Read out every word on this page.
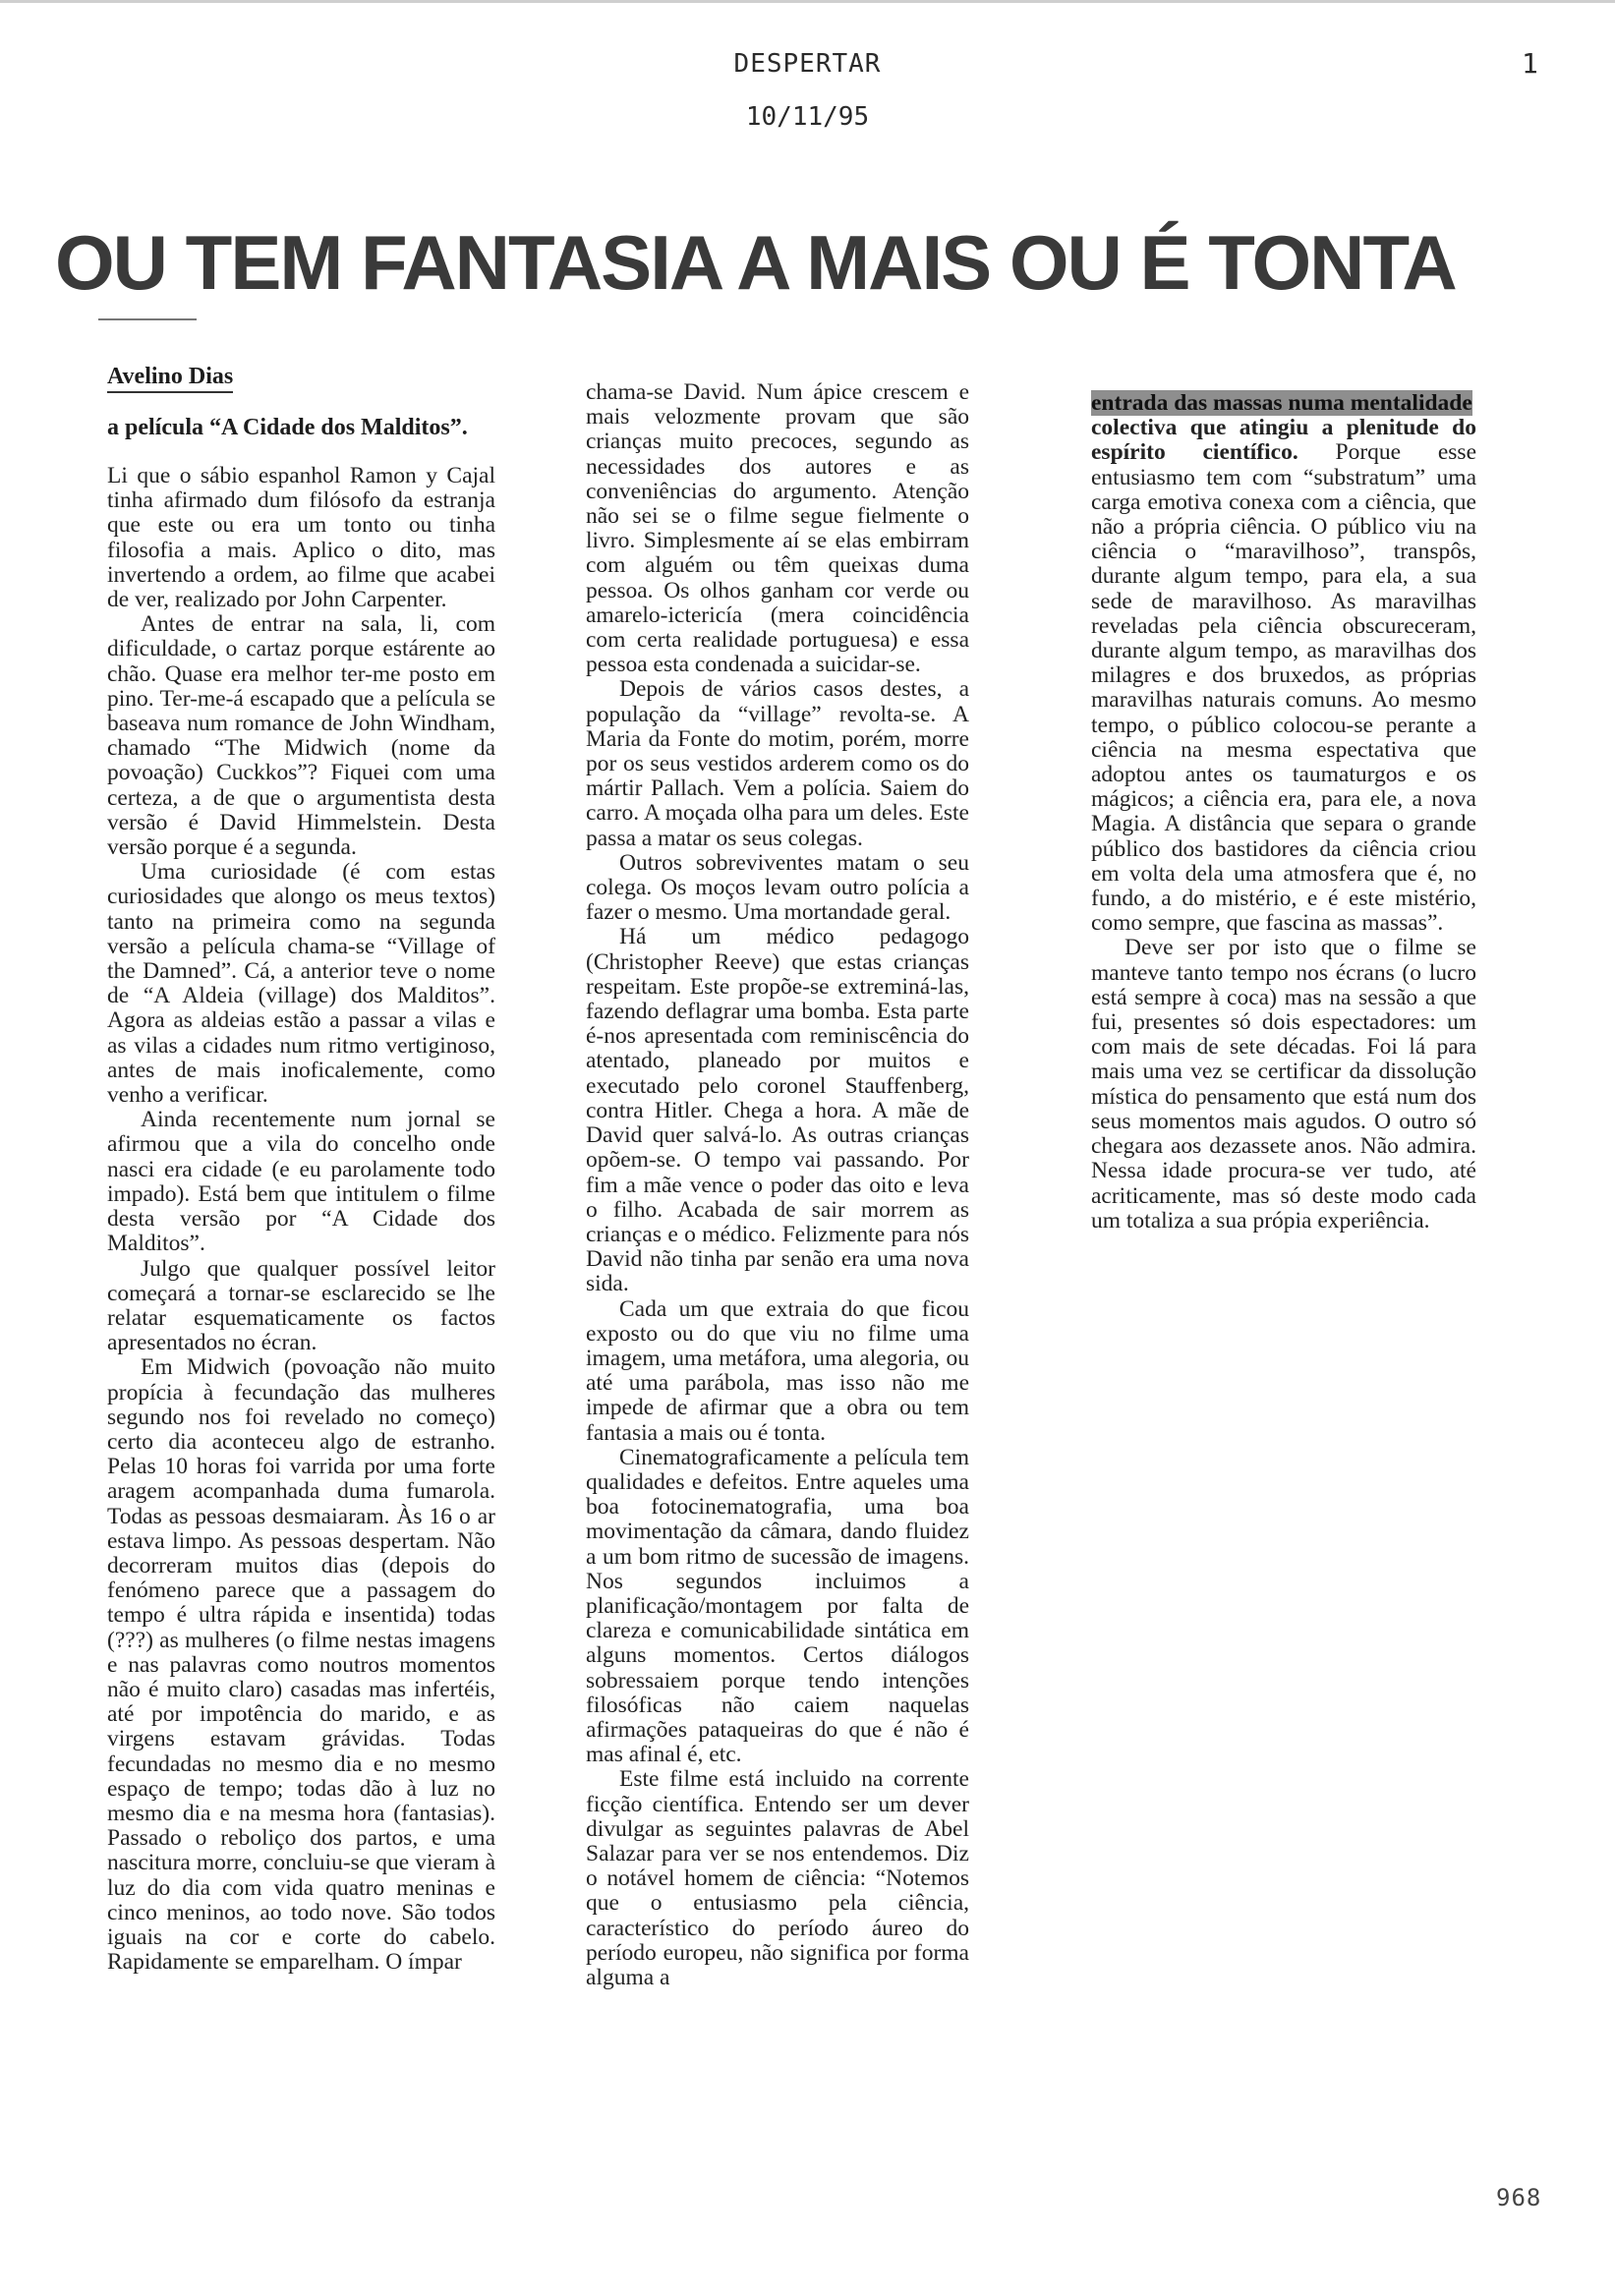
DESPERTAR
10/11/95
1
OU TEM FANTASIA A MAIS OU É TONTA
Avelino Dias
a película “A Cidade dos Malditos”.

Li que o sábio espanhol Ramon y Cajal tinha afirmado dum filósofo da estranja que este ou era um tonto ou tinha filosofia a mais. Aplico o dito, mas invertendo a ordem, ao filme que acabei de ver, realizado por John Carpenter.

Antes de entrar na sala, li, com dificuldade, o cartaz porque estárente ao chão. Quase era melhor ter-me posto em pino. Ter-me-á escapado que a película se baseava num romance de John Windham, chamado “The Midwich (nome da povoação) Cuckkos”? Fiquei com uma certeza, a de que o argumentista desta versão é David Himmelstein. Desta versão porque é a segunda.

Uma curiosidade (é com estas curiosidades que alongo os meus textos) tanto na primeira como na segunda versão a película chama-se “Village of the Damned”. Cá, a anterior teve o nome de “A Aldeia (village) dos Malditos”. Agora as aldeias estão a passar a vilas e as vilas a cidades num ritmo vertiginoso, antes de mais inoficalemente, como venho a verificar.

Ainda recentemente num jornal se afirmou que a vila do concelho onde nasci era cidade (e eu parolamente todo impado). Está bem que intitulem o filme desta versão por “A Cidade dos Malditos”.

Julgo que qualquer possível leitor começará a tornar-se esclarecido se lhe relatar esquematicamente os factos apresentados no écran.

Em Midwich (povoação não muito propícia à fecundação das mulheres segundo nos foi revelado no começo) certo dia aconteceu algo de estranho. Pelas 10 horas foi varrida por uma forte aragem acompanhada duma fumarola. Todas as pessoas desmaiaram. Às 16 o ar estava limpo. As pessoas despertam. Não decorreram muitos dias (depois do fenómeno parece que a passagem do tempo é ultra rápida e insentida) todas (???) as mulheres (o filme nestas imagens e nas palavras como noutros momentos não é muito claro) casadas mas infertéis, até por impotência do marido, e as virgens estavam grávidas. Todas fecundadas no mesmo dia e no mesmo espaço de tempo; todas dão à luz no mesmo dia e na mesma hora (fantasias). Passado o reboliço dos partos, e uma nascitura morre, concluiu-se que vieram à luz do dia com vida quatro meninas e cinco meninos, ao todo nove. São todos iguais na cor e corte do cabelo. Rapidamente se emparelham. O ímpar

chama-se David. Num ápice crescem e mais velozmente provam que são crianças muito precoces, segundo as necessidades dos autores e as conveniências do argumento. Atenção não sei se o filme segue fielmente o livro. Simplesmente aí se elas embirram com alguém ou têm queixas duma pessoa. Os olhos ganham cor verde ou amarelo-ictericía (mera coincidência com certa realidade portuguesa) e essa pessoa esta condenada a suicidar-se.

Depois de vários casos destes, a população da “village” revolta-se. A Maria da Fonte do motim, porém, morre por os seus vestidos arderem como os do mártir Pallach. Vem a polícia. Saiem do carro. A moçada olha para um deles. Este passa a matar os seus colegas.

Outros sobreviventes matam o seu colega. Os moços levam outro polícia a fazer o mesmo. Uma mortandade geral.

Há um médico pedagogo (Christopher Reeve) que estas crianças respeitam. Este propõe-se extreminá-las, fazendo deflagrar uma bomba. Esta parte é-nos apresentada com reminiscência do atentado, planeado por muitos e executado pelo coronel Stauffenberg, contra Hitler. Chega a hora. A mãe de David quer salvá-lo. As outras crianças opõem-se. O tempo vai passando. Por fim a mãe vence o poder das oito e leva o filho. Acabada de sair morrem as crianças e o médico. Felizmente para nós David não tinha par senão era uma nova sida.

Cada um que extraia do que ficou exposto ou do que viu no filme uma imagem, uma metáfora, uma alegoria, ou até uma parábola, mas isso não me impede de afirmar que a obra ou tem fantasia a mais ou é tonta.

Cinematograficamente a película tem qualidades e defeitos. Entre aqueles uma boa fotocinematografia, uma boa movimentação da câmara, dando fluidez a um bom ritmo de sucessão de imagens. Nos segundos incluimos a planificação/montagem por falta de clareza e comunicabilidade sintática em alguns momentos. Certos diálogos sobressaiem porque tendo intenções filosóficas não caiem naquelas afirmações pataqueiras do que é não é mas afinal é, etc.

Este filme está incluido na corrente ficção científica. Entendo ser um dever divulgar as seguintes palavras de Abel Salazar para ver se nos entendemos. Diz o notável homem de ciência: “Notemos que o entusiasmo pela ciência, característico do período áureo do período europeu, não significa por forma alguma a

entrada das massas numa mentalidade
colectiva que atingiu a plenitude do espírito científico. Porque esse entusiasmo tem com “substratum” uma carga emotiva conexa com a ciência, que não a própria ciência. O público viu na ciência o “maravilhoso”, transpôs, durante algum tempo, para ela, a sua sede de maravilhoso. As maravilhas reveladas pela ciência obscureceram, durante algum tempo, as maravilhas dos milagres e dos bruxedos, as próprias maravilhas naturais comuns. Ao mesmo tempo, o público colocou-se perante a ciência na mesma espectativa que adoptou antes os taumaturgos e os mágicos; a ciência era, para ele, a nova Magia. A distância que separa o grande público dos bastidores da ciência criou em volta dela uma atmosfera que é, no fundo, a do mistério, e é este mistério, como sempre, que fascina as massas”.

Deve ser por isto que o filme se manteve tanto tempo nos écrans (o lucro está sempre à coca) mas na sessão a que fui, presentes só dois espectadores: um com mais de sete décadas. Foi lá para mais uma vez se certificar da dissolução mística do pensamento que está num dos seus momentos mais agudos. O outro só chegara aos dezassete anos. Não admira. Nessa idade procura-se ver tudo, até acriticamente, mas só deste modo cada um totaliza a sua própia experiência.

968
